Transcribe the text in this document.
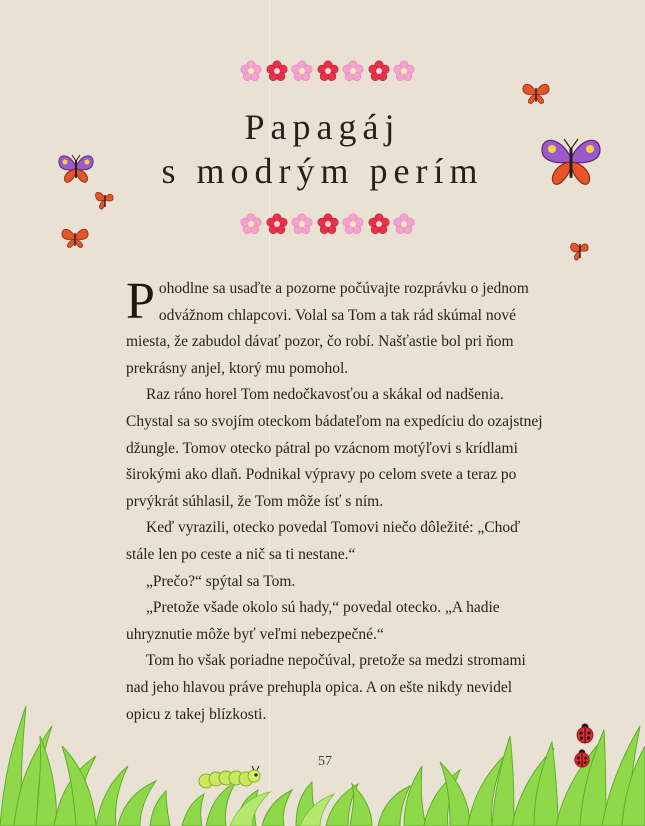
Papagáj
s modrým perím

Pohodlne sa usaďte a pozorne počúvajte rozprávku o jednom odvážnom chlapcovi. Volal sa Tom a tak rád skúmal nové miesta, že zabudol dávať pozor, čo robí. Našťastie bol pri ňom prekrásny anjel, ktorý mu pomohol.

Raz ráno horel Tom nedočkavosťou a skákal od nadšenia. Chystal sa so svojím oteckom bádateľom na expedíciu do ozajstnej džungle. Tomov otecko pátral po vzácnom motýľovi s krídlami širokými ako dlaň. Podnikal výpravy po celom svete a teraz po prvýkrát súhlasil, že Tom môže ísť s ním.

Keď vyrazili, otecko povedal Tomovi niečo dôležité: „Choď stále len po ceste a nič sa ti nestane.“

„Prečo?“ spýtal sa Tom.

„Pretože všade okolo sú hady,“ povedal otecko. „A hadie uhryznutie môže byť veľmi nebezpečné.“

Tom ho však poriadne nepočúval, pretože sa medzi stromami nad jeho hlavou práve prehupla opica. A on ešte nikdy nevidel opicu z takej blízkosti.

57
